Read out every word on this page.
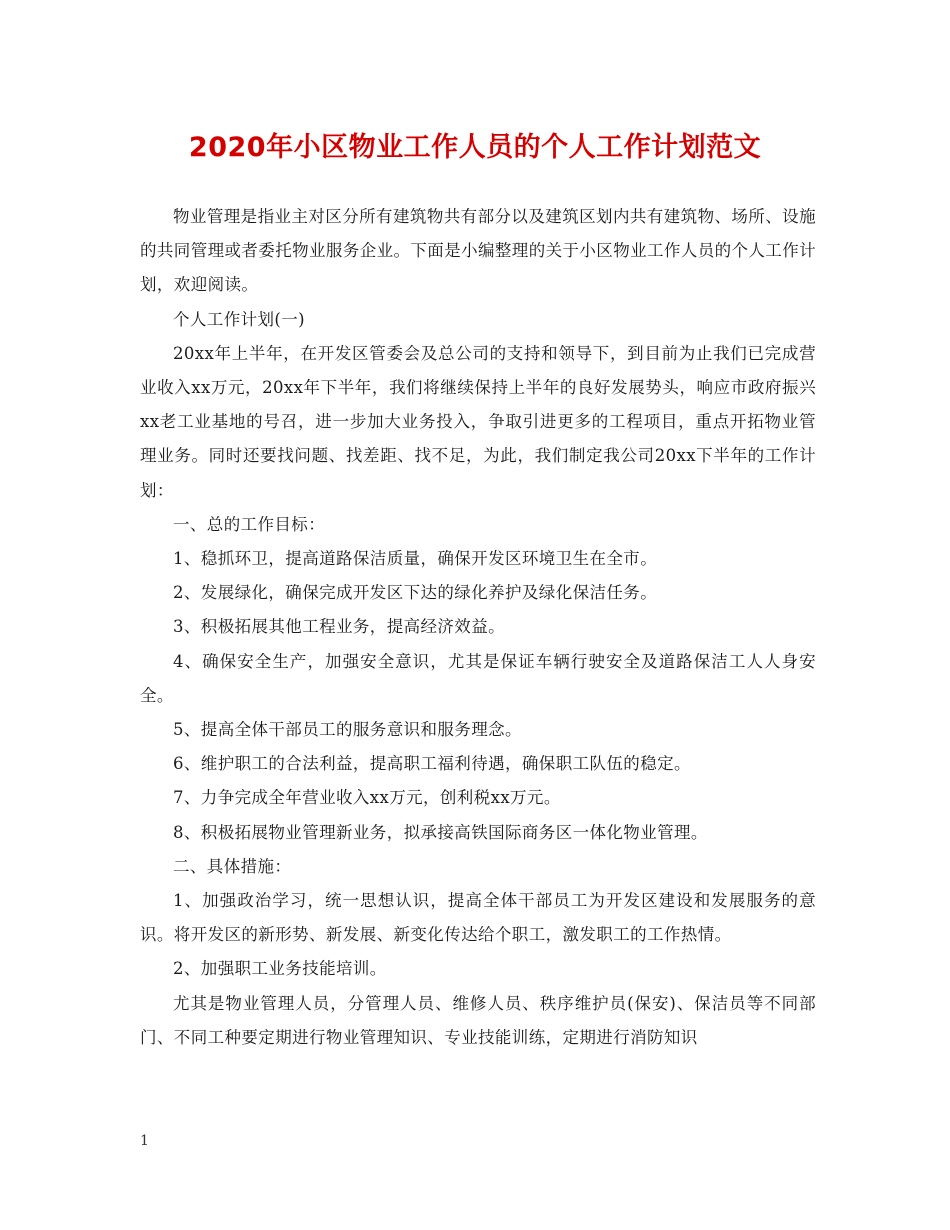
2020年小区物业工作人员的个人工作计划范文

物业管理是指业主对区分所有建筑物共有部分以及建筑区划内共有建筑物、场所、设施的共同管理或者委托物业服务企业。下面是小编整理的关于小区物业工作人员的个人工作计划，欢迎阅读。

个人工作计划(一)

20xx年上半年，在开发区管委会及总公司的支持和领导下，到目前为止我们已完成营业收入xx万元，20xx年下半年，我们将继续保持上半年的良好发展势头，响应市政府振兴xx老工业基地的号召，进一步加大业务投入，争取引进更多的工程项目，重点开拓物业管理业务。同时还要找问题、找差距、找不足，为此，我们制定我公司20xx下半年的工作计划：

一、总的工作目标：

1、稳抓环卫，提高道路保洁质量，确保开发区环境卫生在全市。

2、发展绿化，确保完成开发区下达的绿化养护及绿化保洁任务。

3、积极拓展其他工程业务，提高经济效益。

4、确保安全生产，加强安全意识，尤其是保证车辆行驶安全及道路保洁工人人身安全。

5、提高全体干部员工的服务意识和服务理念。

6、维护职工的合法利益，提高职工福利待遇，确保职工队伍的稳定。

7、力争完成全年营业收入xx万元，创利税xx万元。

8、积极拓展物业管理新业务，拟承接高铁国际商务区一体化物业管理。

二、具体措施：

1、加强政治学习，统一思想认识，提高全体干部员工为开发区建设和发展服务的意识。将开发区的新形势、新发展、新变化传达给个职工，激发职工的工作热情。

2、加强职工业务技能培训。

尤其是物业管理人员，分管理人员、维修人员、秩序维护员(保安)、保洁员等不同部门、不同工种要定期进行物业管理知识、专业技能训练，定期进行消防知识

1
